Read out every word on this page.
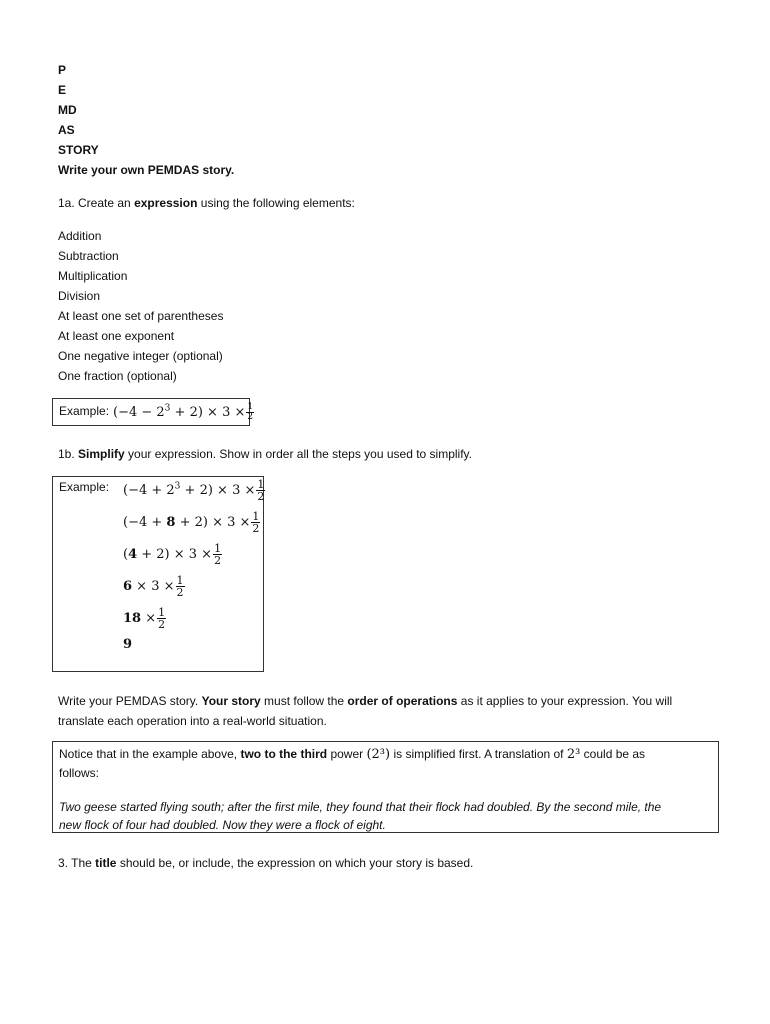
P
E
MD
AS
STORY
Write your own PEMDAS story.
1a. Create an expression using the following elements:
Addition
Subtraction
Multiplication
Division
At least one set of parentheses
At least one exponent
One negative integer (optional)
One fraction (optional)
Example: $(-4 - 2^3 + 2) \times 3 \times \frac{1}{2}$
1b. Simplify your expression. Show in order all the steps you used to simplify.
Example: $(-4 + 2^3 + 2) \times 3 \times \frac{1}{2}$
$(-4 + 8 + 2) \times 3 \times \frac{1}{2}$
$(4 + 2) \times 3 \times \frac{1}{2}$
$6 \times 3 \times \frac{1}{2}$
$18 \times \frac{1}{2}$
9
Write your PEMDAS story. Your story must follow the order of operations as it applies to your expression. You will
translate each operation into a real-world situation.
Notice that in the example above, two to the third power (2³) is simplified first. A translation of 2³ could be as
follows:
Two geese started flying south; after the first mile, they found that their flock had doubled. By the second mile, the
new flock of four had doubled. Now they were a flock of eight.
3. The title should be, or include, the expression on which your story is based.
